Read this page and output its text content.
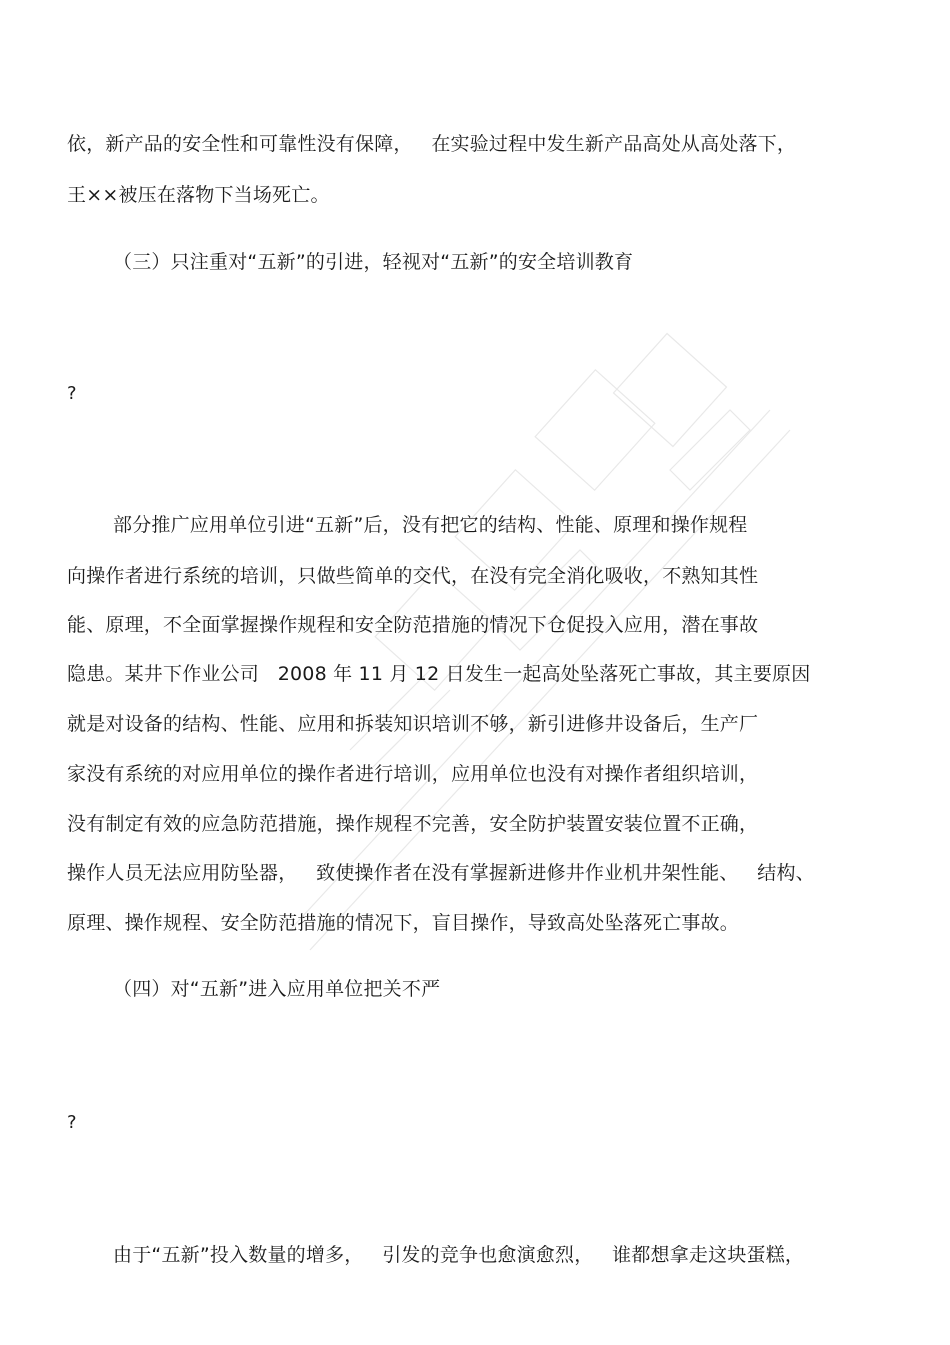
依，新产品的安全性和可靠性没有保障，   在实验过程中发生新产品高处从高处落下，
王××被压在落物下当场死亡。
（三）只注重对“五新”的引进，轻视对“五新”的安全培训教育
?
部分推广应用单位引进“五新”后，没有把它的结构、性能、原理和操作规程
向操作者进行系统的培训，只做些简单的交代，在没有完全消化吸收，不熟知其性
能、原理，不全面掌握操作规程和安全防范措施的情况下仓促投入应用，潜在事故
隐患。某井下作业公司   2008 年 11 月 12 日发生一起高处坠落死亡事故，其主要原因
就是对设备的结构、性能、应用和拆装知识培训不够，新引进修井设备后，生产厂
家没有系统的对应用单位的操作者进行培训，应用单位也没有对操作者组织培训，
没有制定有效的应急防范措施，操作规程不完善，安全防护装置安装位置不正确，
操作人员无法应用防坠器，   致使操作者在没有掌握新进修井作业机井架性能、   结构、
原理、操作规程、安全防范措施的情况下，盲目操作，导致高处坠落死亡事故。
（四）对“五新”进入应用单位把关不严
?
由于“五新”投入数量的增多，   引发的竞争也愈演愈烈，   谁都想拿走这块蛋糕，
